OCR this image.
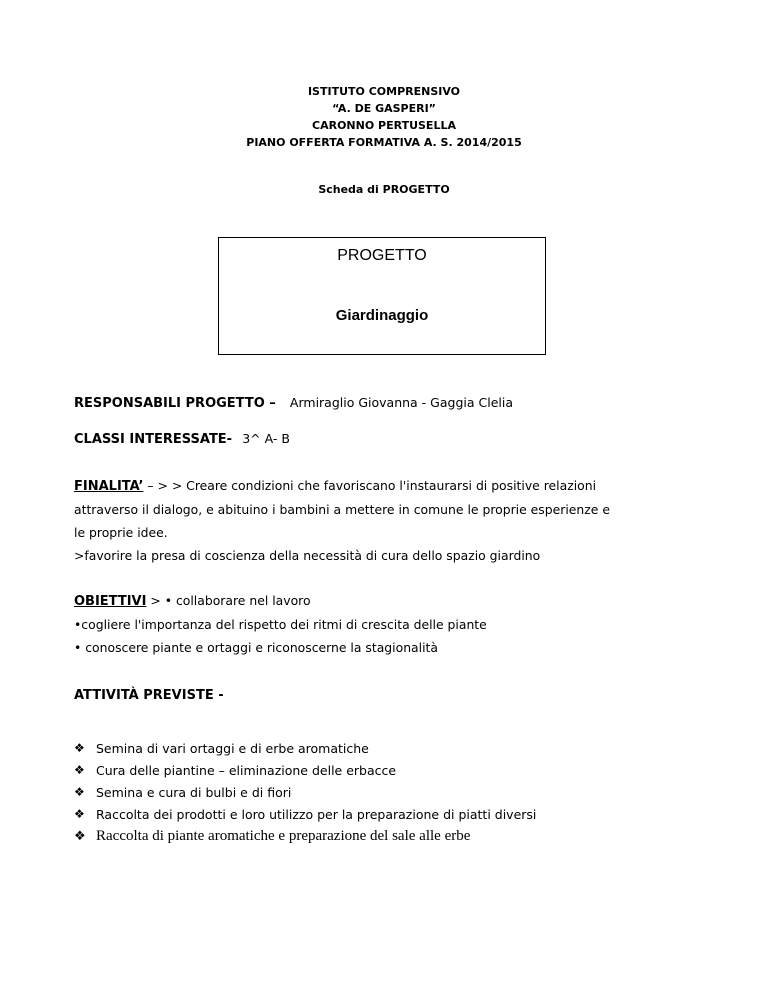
ISTITUTO COMPRENSIVO
“A. DE GASPERI”
CARONNO PERTUSELLA
PIANO OFFERTA FORMATIVA A. S. 2014/2015
Scheda di PROGETTO
PROGETTO
Giardinaggio
RESPONSABILI PROGETTO – Armiraglio Giovanna - Gaggia Clelia
CLASSI INTERESSATE- 3^ A- B
FINALITA’ – > > Creare condizioni che favoriscano l'instaurarsi di positive relazioni
attraverso il dialogo, e abituino i bambini a mettere in comune le proprie esperienze e
le proprie idee.
>favorire la presa di coscienza della necessità di cura dello spazio giardino
OBIETTIVI > • collaborare nel lavoro
•cogliere l'importanza del rispetto dei ritmi di crescita delle piante
• conoscere piante e ortaggi e riconoscerne la stagionalità
ATTIVITÀ PREVISTE -
❖ Semina di vari ortaggi e di erbe aromatiche
❖ Cura delle piantine – eliminazione delle erbacce
❖ Semina e cura di bulbi e di fiori
❖ Raccolta dei prodotti e loro utilizzo per la preparazione di piatti diversi
❖ Raccolta di piante aromatiche e preparazione del sale alle erbe
